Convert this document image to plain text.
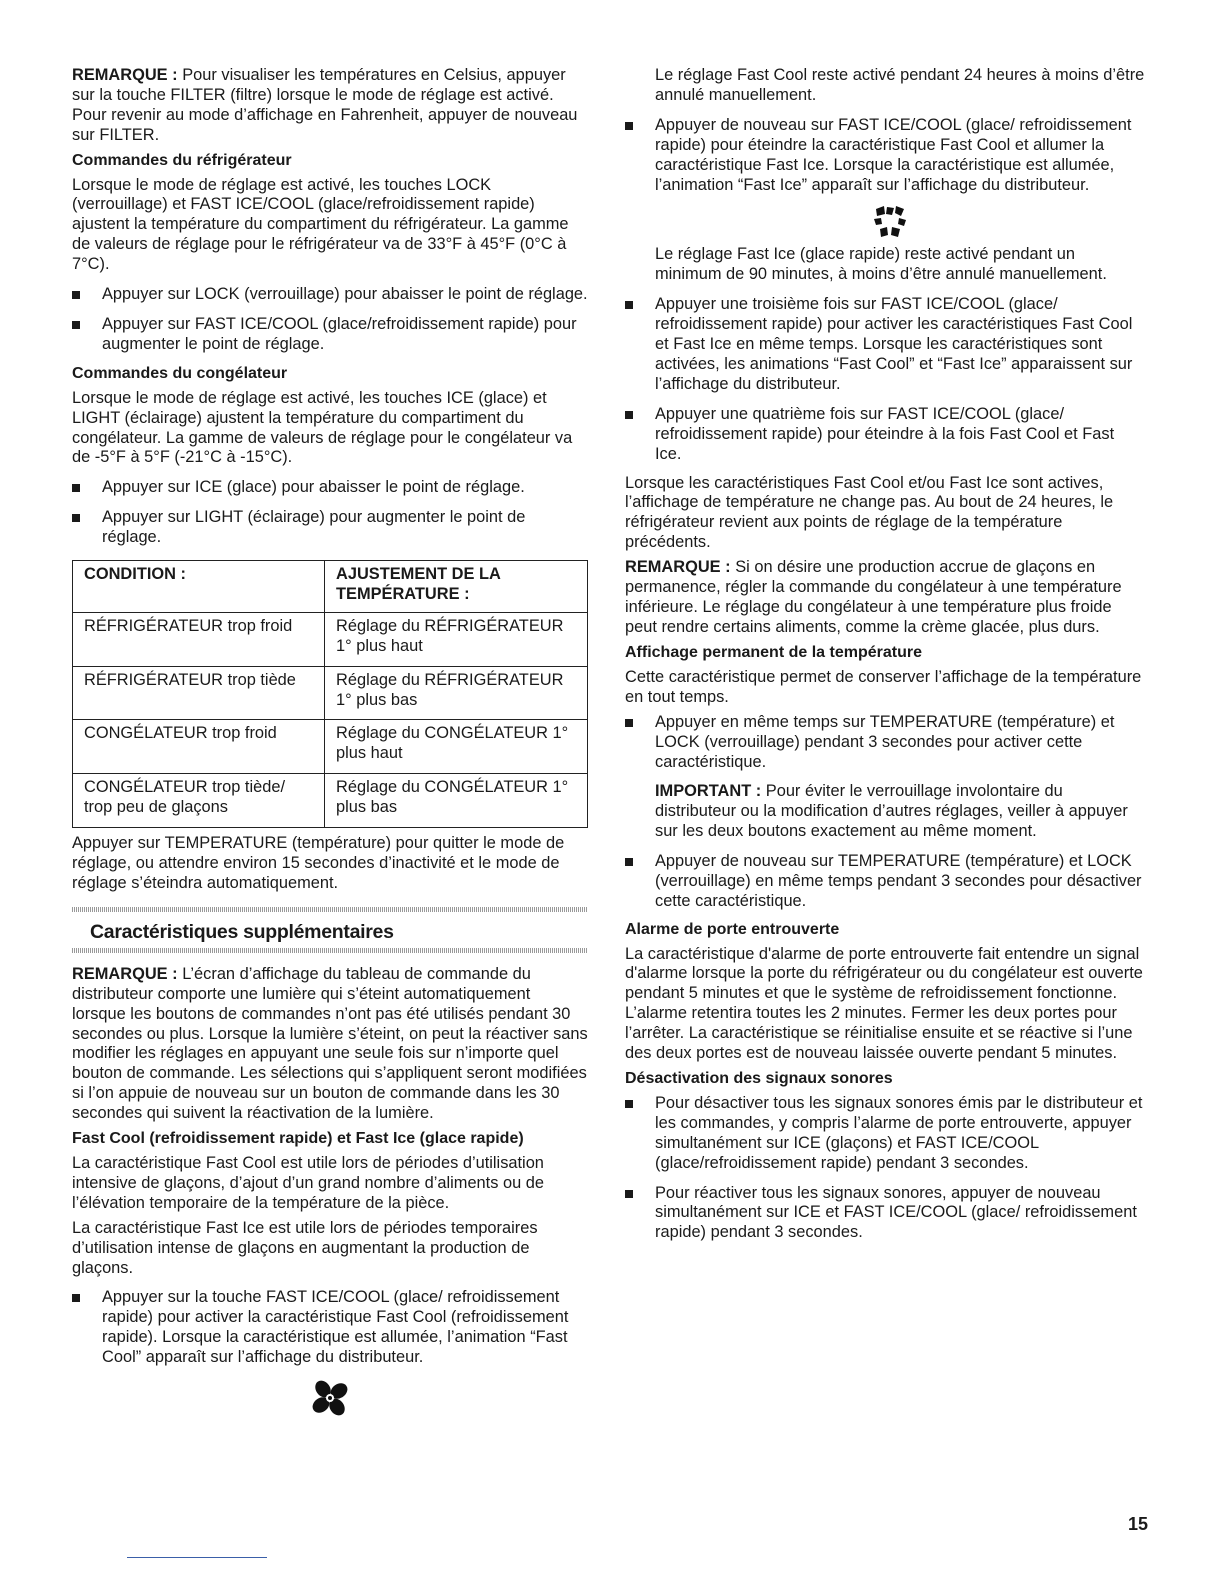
REMARQUE : Pour visualiser les températures en Celsius, appuyer sur la touche FILTER (filtre) lorsque le mode de réglage est activé. Pour revenir au mode d’affichage en Fahrenheit, appuyer de nouveau sur FILTER.

Commandes du réfrigérateur

Lorsque le mode de réglage est activé, les touches LOCK (verrouillage) et FAST ICE/COOL (glace/refroidissement rapide) ajustent la température du compartiment du réfrigérateur. La gamme de valeurs de réglage pour le réfrigérateur va de 33°F à 45°F (0°C à 7°C).

Appuyer sur LOCK (verrouillage) pour abaisser le point de réglage.
Appuyer sur FAST ICE/COOL (glace/refroidissement rapide) pour augmenter le point de réglage.
Commandes du congélateur

Lorsque le mode de réglage est activé, les touches ICE (glace) et LIGHT (éclairage) ajustent la température du compartiment du congélateur. La gamme de valeurs de réglage pour le congélateur va de -5°F à 5°F (-21°C à -15°C).

Appuyer sur ICE (glace) pour abaisser le point de réglage.
Appuyer sur LIGHT (éclairage) pour augmenter le point de réglage.
CONDITION :	AJUSTEMENT DE LA TEMPÉRATURE :
RÉFRIGÉRATEUR trop froid	Réglage du RÉFRIGÉRATEUR 1° plus haut
RÉFRIGÉRATEUR trop tiède	Réglage du RÉFRIGÉRATEUR 1° plus bas
CONGÉLATEUR trop froid	Réglage du CONGÉLATEUR 1° plus haut
CONGÉLATEUR trop tiède/ trop peu de glaçons	Réglage du CONGÉLATEUR 1° plus bas

Appuyer sur TEMPERATURE (température) pour quitter le mode de réglage, ou attendre environ 15 secondes d’inactivité et le mode de réglage s’éteindra automatiquement.

Caractéristiques supplémentaires

REMARQUE : L’écran d’affichage du tableau de commande du distributeur comporte une lumière qui s’éteint automatiquement lorsque les boutons de commandes n’ont pas été utilisés pendant 30 secondes ou plus. Lorsque la lumière s’éteint, on peut la réactiver sans modifier les réglages en appuyant une seule fois sur n’importe quel bouton de commande. Les sélections qui s’appliquent seront modifiées si l’on appuie de nouveau sur un bouton de commande dans les 30 secondes qui suivent la réactivation de la lumière.

Fast Cool (refroidissement rapide) et Fast Ice (glace rapide)

La caractéristique Fast Cool est utile lors de périodes d’utilisation intensive de glaçons, d’ajout d’un grand nombre d’aliments ou de l’élévation temporaire de la température de la pièce.

La caractéristique Fast Ice est utile lors de périodes temporaires d’utilisation intense de glaçons en augmentant la production de glaçons.

Appuyer sur la touche FAST ICE/COOL (glace/ refroidissement rapide) pour activer la caractéristique Fast Cool (refroidissement rapide). Lorsque la caractéristique est allumée, l’animation “Fast Cool” apparaît sur l’affichage du distributeur.

Le réglage Fast Cool reste activé pendant 24 heures à moins d’être annulé manuellement.

Appuyer de nouveau sur FAST ICE/COOL (glace/ refroidissement rapide) pour éteindre la caractéristique Fast Cool et allumer la caractéristique Fast Ice. Lorsque la caractéristique est allumée, l’animation “Fast Ice” apparaît sur l’affichage du distributeur.

Le réglage Fast Ice (glace rapide) reste activé pendant un minimum de 90 minutes, à moins d’être annulé manuellement.

Appuyer une troisième fois sur FAST ICE/COOL (glace/ refroidissement rapide) pour activer les caractéristiques Fast Cool et Fast Ice en même temps. Lorsque les caractéristiques sont activées, les animations “Fast Cool” et “Fast Ice” apparaissent sur l’affichage du distributeur.
Appuyer une quatrième fois sur FAST ICE/COOL (glace/ refroidissement rapide) pour éteindre à la fois Fast Cool et Fast Ice.

Lorsque les caractéristiques Fast Cool et/ou Fast Ice sont actives, l’affichage de température ne change pas. Au bout de 24 heures, le réfrigérateur revient aux points de réglage de la température précédents.

REMARQUE : Si on désire une production accrue de glaçons en permanence, régler la commande du congélateur à une température inférieure. Le réglage du congélateur à une température plus froide peut rendre certains aliments, comme la crème glacée, plus durs.

Affichage permanent de la température

Cette caractéristique permet de conserver l’affichage de la température en tout temps.

Appuyer en même temps sur TEMPERATURE (température) et LOCK (verrouillage) pendant 3 secondes pour activer cette caractéristique.

IMPORTANT : Pour éviter le verrouillage involontaire du distributeur ou la modification d’autres réglages, veiller à appuyer sur les deux boutons exactement au même moment.

Appuyer de nouveau sur TEMPERATURE (température) et LOCK (verrouillage) en même temps pendant 3 secondes pour désactiver cette caractéristique.
Alarme de porte entrouverte

La caractéristique d'alarme de porte entrouverte fait entendre un signal d'alarme lorsque la porte du réfrigérateur ou du congélateur est ouverte pendant 5 minutes et que le système de refroidissement fonctionne. L’alarme retentira toutes les 2 minutes. Fermer les deux portes pour l’arrêter. La caractéristique se réinitialise ensuite et se réactive si l’une des deux portes est de nouveau laissée ouverte pendant 5 minutes.

Désactivation des signaux sonores
Pour désactiver tous les signaux sonores émis par le distributeur et les commandes, y compris l’alarme de porte entrouverte, appuyer simultanément sur ICE (glaçons) et FAST ICE/COOL (glace/refroidissement rapide) pendant 3 secondes.
Pour réactiver tous les signaux sonores, appuyer de nouveau simultanément sur ICE et FAST ICE/COOL (glace/ refroidissement rapide) pendant 3 secondes.
15
